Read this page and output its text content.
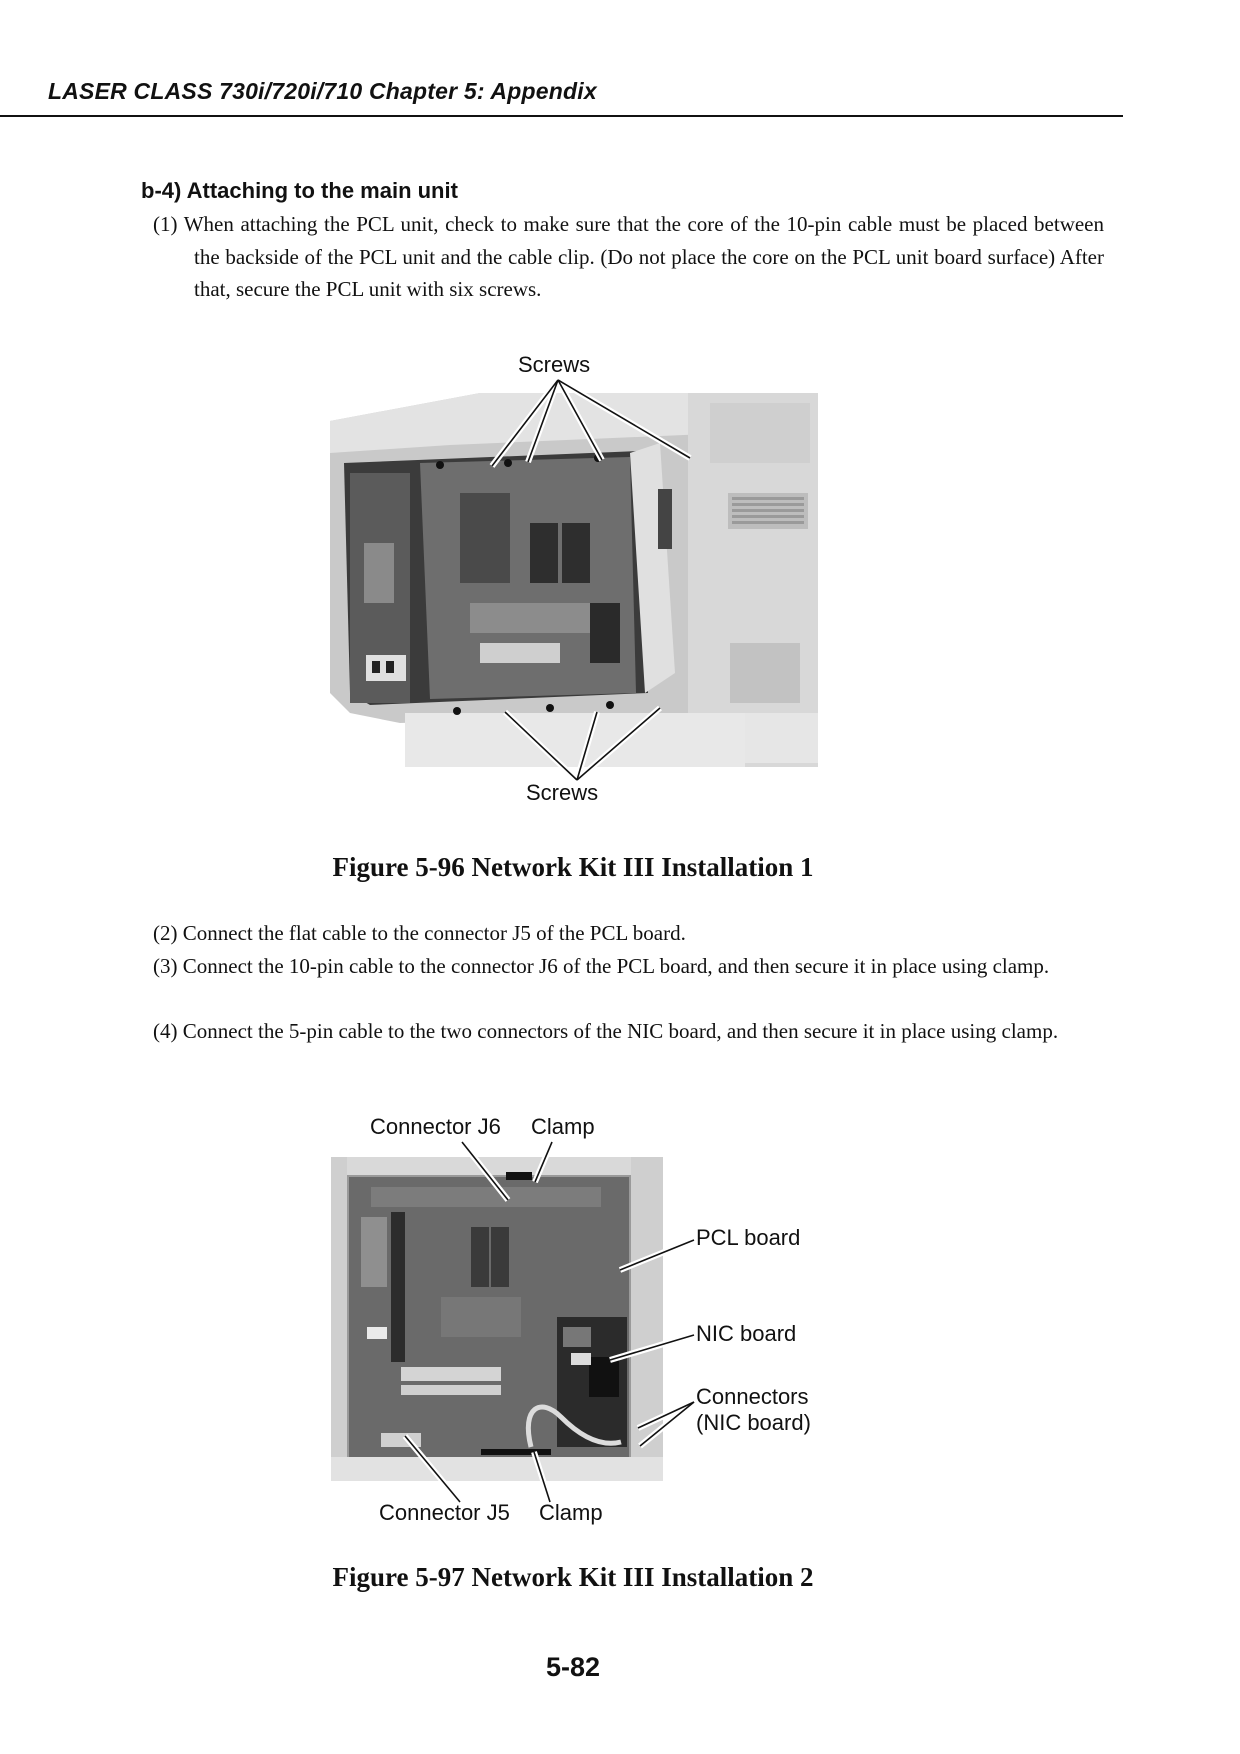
LASER CLASS 730i/720i/710 Chapter 5: Appendix
b-4) Attaching to the main unit
(1) When attaching the PCL unit, check to make sure that the core of the 10-pin cable must be placed between the backside of the PCL unit and the cable clip. (Do not place the core on the PCL unit board surface) After that, secure the PCL unit with six screws.
Screws
Screws
Figure 5-96 Network Kit III Installation 1
(2) Connect the flat cable to the connector J5 of the PCL board.
(3) Connect the 10-pin cable to the connector J6 of the PCL board, and then secure it in place using clamp.
(4) Connect the 5-pin cable to the two connectors of the NIC board, and then secure it in place using clamp.
Connector J6 Clamp
PCL board
NIC board
Connectors
(NIC board)
Connector J5 Clamp
Figure 5-97 Network Kit III Installation 2
5-82
